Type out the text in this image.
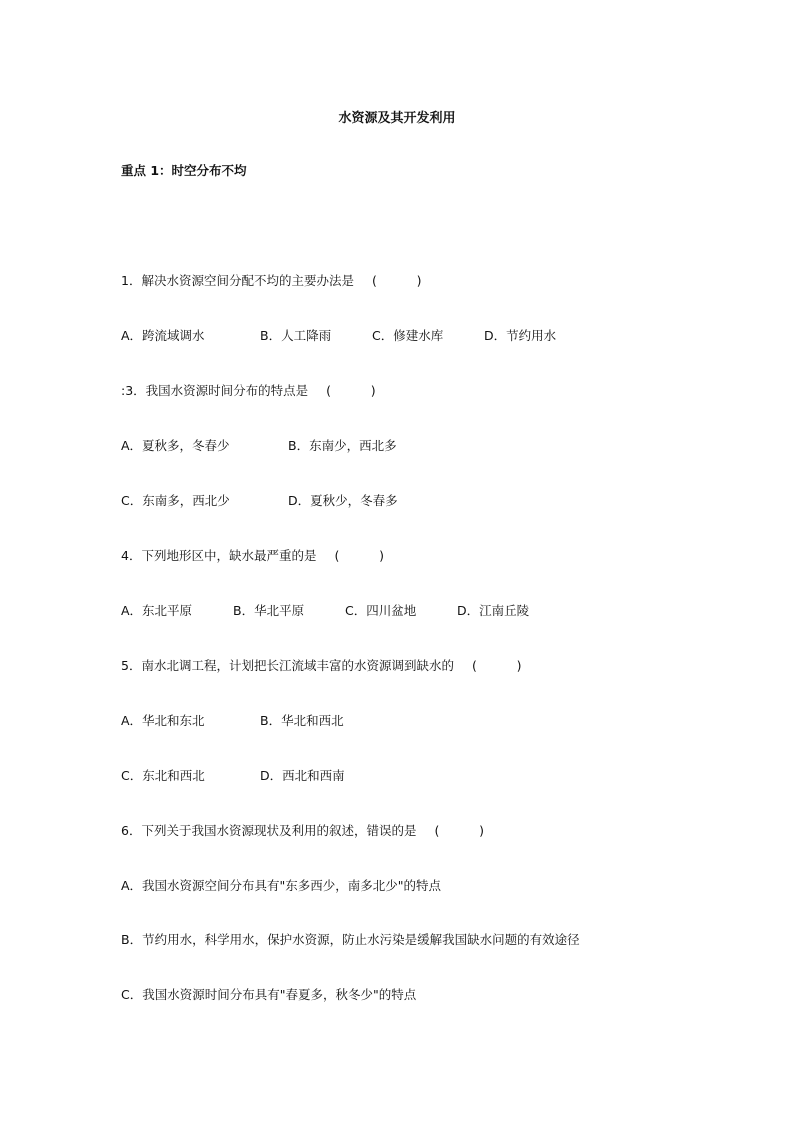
水资源及其开发利用
重点 1：时空分布不均
1．解决水资源空间分配不均的主要办法是 (          )
A．跨流域调水	B．人工降雨	C．修建水库	D．节约用水
:3．我国水资源时间分布的特点是 (          )
A．夏秋多，冬春少	B．东南少，西北多
C．东南多，西北少	D．夏秋少，冬春多
4．下列地形区中，缺水最严重的是 (          )
A．东北平原	B．华北平原	C．四川盆地	D．江南丘陵
5．南水北调工程，计划把长江流域丰富的水资源调到缺水的 (          )
A．华北和东北	B．华北和西北
C．东北和西北	D．西北和西南
6．下列关于我国水资源现状及利用的叙述，错误的是 (          )
A．我国水资源空间分布具有"东多西少，南多北少"的特点
B．节约用水，科学用水，保护水资源，防止水污染是缓解我国缺水问题的有效途径
C．我国水资源时间分布具有"春夏多，秋冬少"的特点
